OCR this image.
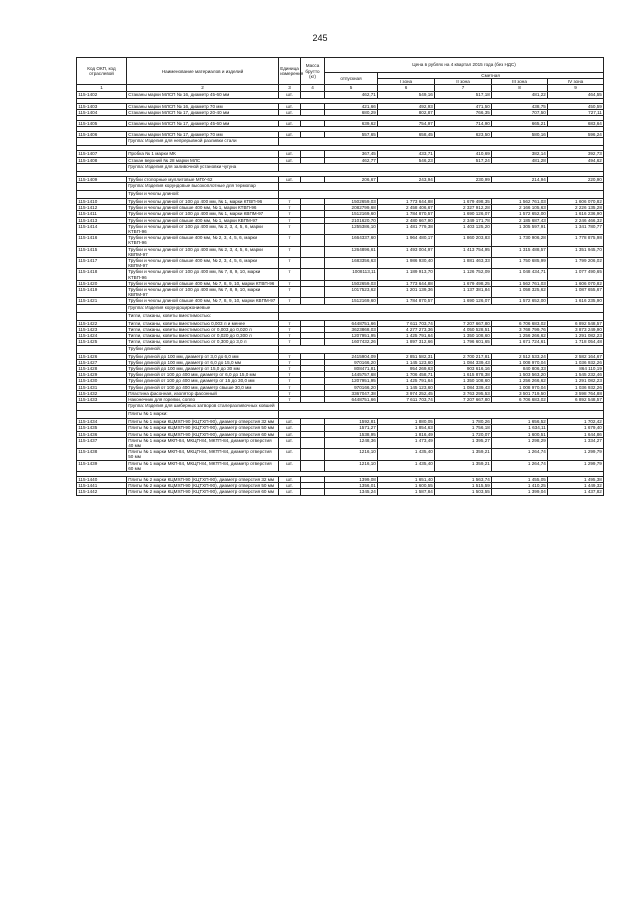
245
Код ОКП, код отраслевой	Наименование материалов и изделий	Единица измерения	Масса брутто (кг)	Цена в рублях на 4 квартал 2015 года (без НДС)				
				отпускная	Сметная			
					I зона	II зона	III зона	IV зона
1	2	3	4	5	6	7	8	9
115-1402	Стаканы марки МЛСП № 16, диаметр 45-60 мм	шт.		462,71	549,16	517,18	481,22	464,55

115-1403	Стаканы марки МЛСП № 16, диаметр 70 мм	шт.		421,66	492,93	471,50	438,75	450,59
115-1404	Стаканы марки МЛСП № 17, диаметр 20-40 мм	шт.		680,29	802,87	766,35	707,50	727,11

115-1405	Стаканы марки МЛСП № 17, диаметр 45-60 мм	шт.		639,62	754,97	714,90	665,21	683,64

115-1406	Стаканы марки МЛСП № 17, диаметр 70 мм	шт.		557,65	658,45	623,50	580,16	596,24
	Группа: Изделия для непрерывной разливки стали							

115-1407	Пробка № 1 марки МК	шт.		367,45	433,71	410,69	382,14	392,73
115-1408	Стакан верхний № 28 марки МЛС	шт.		462,77	546,23	517,24	481,28	494,62
	Группа: Изделия для заливочной установки чугуна							

115-1409	Трубки стопорные муллитовые МПУ-62	шт.		206,67	243,94	230,99	214,94	220,90
	Группа: Изделия корундовые высокоплотные для термопар							
	Трубки и чехлы длиной:							
115-1410	Трубки и чехлы длиной от 100 до 400 мм, № 1, марки КТВП-96	т		1502659,03	1 773 644,88	1 679 498,35	1 562 761,03	1 606 070,82
115-1412	Трубки и чехлы длиной свыше 400 мм, № 1, марки КТВП-96	т		2082799,68	2 458 406,67	2 327 912,28	2 166 105,63	2 226 135,28
115-1411	Трубки и чехлы длиной от 100 до 400 мм, № 1, марки КВПМ-97	т		1512169,60	1 784 870,57	1 690 126,07	1 572 652,00	1 616 236,90
115-1413	Трубки и чехлы длиной свыше 400 мм, № 1, марки КВПМ-97	т		2101620,70	2 480 667,90	2 349 171,78	2 185 687,43	2 246 466,32
115-1414	Трубки и чехлы длиной от 100 до 400 мм, № 2, 3, 4, 5, 6, марки КТВП-96	т		1255386,10	1 481 779,38	1 403 125,20	1 305 597,91	1 341 780,77
115-1416	Трубки и чехлы длиной свыше 400 мм, № 2, 3, 4, 5, 6, марки КТВП-96	т		1664337,60	1 964 480,17	1 860 203,83	1 730 906,28	1 778 875,98
115-1415	Трубки и чехлы длиной от 100 до 400 мм, № 2, 3, 4, 5, 6, марки КВПМ-97	т		1264896,61	1 493 004,97	1 413 754,95	1 315 488,57	1 351 945,70
115-1417	Трубки и чехлы длиной свыше 400 мм, № 2, 3, 4, 5, 6, марки КВПМ-97	т		1683356,63	1 986 930,40	1 881 463,33	1 750 685,99	1 799 206,02
115-1418	Трубки и чехлы длиной от 100 до 400 мм, № 7, 8, 9, 10, марки КТВП-96	т		1008113,11	1 189 913,70	1 126 752,09	1 048 434,71	1 077 490,65
115-1420	Трубки и чехлы длиной свыше 400 мм, № 7, 8, 9, 10, марки КТВП-96	т		1502659,03	1 773 644,88	1 679 498,25	1 562 761,03	1 606 070,82
115-1419	Трубки и чехлы длиной от 100 до 400 мм, № 7, 8, 9, 10, марки КВПМ-97	т		1017523,62	1 201 139,36	1 137 381,84	1 058 325,62	1 087 655,67
115-1421	Трубки и чехлы длиной свыше 400 мм, № 7, 8, 9, 10, марки КВПМ-97	т		1512169,60	1 784 870,57	1 690 126,07	1 572 652,00	1 616 235,90
	Группа: Изделия корундоциркониевые							
	Тигли, стаканы, коветы вместимостью:							
115-1422	Тигли, стаканы, коветы вместимостью 0,003 л и менее	т		6448751,66	7 611 703,74	7 207 667,80	6 706 683,02	6 892 548,57
115-1423	Тигли, стаканы, коветы вместимостью от 0,003 до 0,020 л	т		3623868,03	4 277 273,36	4 050 528,51	3 768 799,76	3 873 249,90
115-1424	Тигли, стаканы, коветы вместимостью от 0,020 до 0,300 л	т		1207951,95	1 425 791,64	1 350 108,60	1 256 266,62	1 291 082,23
115-1425	Тигли, стаканы, коветы вместимостью от 0,300 до 3,0 л	т		1607432,26	1 897 312,66	1 796 601,65	1 671 724,61	1 718 054,48
	Трубки длиной:							
115-1426	Трубки длиной до 100 мм, диаметр от 3,0 до 6,0 мм	т		2415904,09	2 851 582,31	2 700 217,81	2 512 533,24	2 582 164,67
115-1427	Трубки длиной до 100 мм, диаметр от 6,0 до 15,0 мм	т		970166,20	1 145 123,60	1 084 339,43	1 008 970,04	1 036 932,26
115-1428	Трубки длиной до 100 мм, диаметр от 15,0 до 30 мм	т		808471,81	954 269,63	903 616,16	840 806,33	864 110,19
115-1429	Трубки длиной от 100 до 400 мм, диаметр от 6,0 до 15,0 мм	т		1445757,68	1 706 458,71	1 615 878,38	1 503 563,20	1 545 232,46
115-1430	Трубки длиной от 100 до 400 мм, диаметр от 15 до 30,0 мм	т		1207951,95	1 425 791,64	1 350 108,60	1 256 266,62	1 291 082,23
115-1431	Трубки длиной от 100 до 400 мм, диаметр свыше 30,0 мм	т		970166,20	1 145 123,60	1 084 339,43	1 008 970,04	1 036 932,26
115-1432	Пластина фасонная, изолятор фасонный	т		3367047,38	3 974 252,45	3 763 295,53	3 501 719,50	3 598 764,88
115-1433	Наконечник для горелки, сопло	т		6448751,66	7 611 703,74	7 207 667,80	6 706 683,02	6 892 548,57
	Группа: Изделия для шиберных затворов сталеразливочных ковшей							
	Плиты № 1 марки:							
115-1434	Плиты № 1 марки КЦМХП-90 (КЦТХП-90), диаметр отверстия 32 мм	шт.		1592,81	1 880,05	1 780,26	1 656,52	1 702,42
115-1435	Плиты № 1 марки КЦМХП-90 (КЦТХП-90), диаметр отверстия 50 мм	шт.		1571,27	1 854,63	1 756,18	1 634,11	1 679,40
115-1436	Плиты № 1 марки КЦМХП-90 (КЦТХП-90), диаметр отверстия 60 мм	шт.		1538,95	1 816,49	1 720,07	1 600,51	1 644,86
115-1437	Плиты № 1 марки МКП-84, МКЦП-84, МКТП-84, диаметр отверстия 40 мм	шт.		1248,36	1 473,49	1 395,27	1 298,29	1 334,27
115-1438	Плиты № 1 марки МКП-84, МКЦП-84, МКТП-84, диаметр отверстия 50 мм	шт.		1216,10	1 435,40	1 359,21	1 264,74	1 299,79
115-1439	Плиты № 1 марки МКП-84, МКЦП-84, МКТП-84, диаметр отверстия 60 мм	шт.		1216,10	1 435,40	1 359,21	1 264,74	1 299,79

115-1440	Плиты № 2 марки КЦМХП-90 (КЦТХП-90), диаметр отверстия 32 мм	шт.		1399,08	1 651,40	1 563,74	1 455,05	1 495,38
115-1441	Плиты № 2 марки КЦМХП-90 (КЦТХП-90), диаметр отверстия 50 мм	шт.		1356,01	1 600,55	1 515,59	1 410,25	1 449,32
115-1442	Плиты № 2 марки КЦМХП-90 (КЦТХП-90), диаметр отверстия 60 мм	шт.		1345,24	1 587,84	1 503,55	1 399,04	1 437,82
